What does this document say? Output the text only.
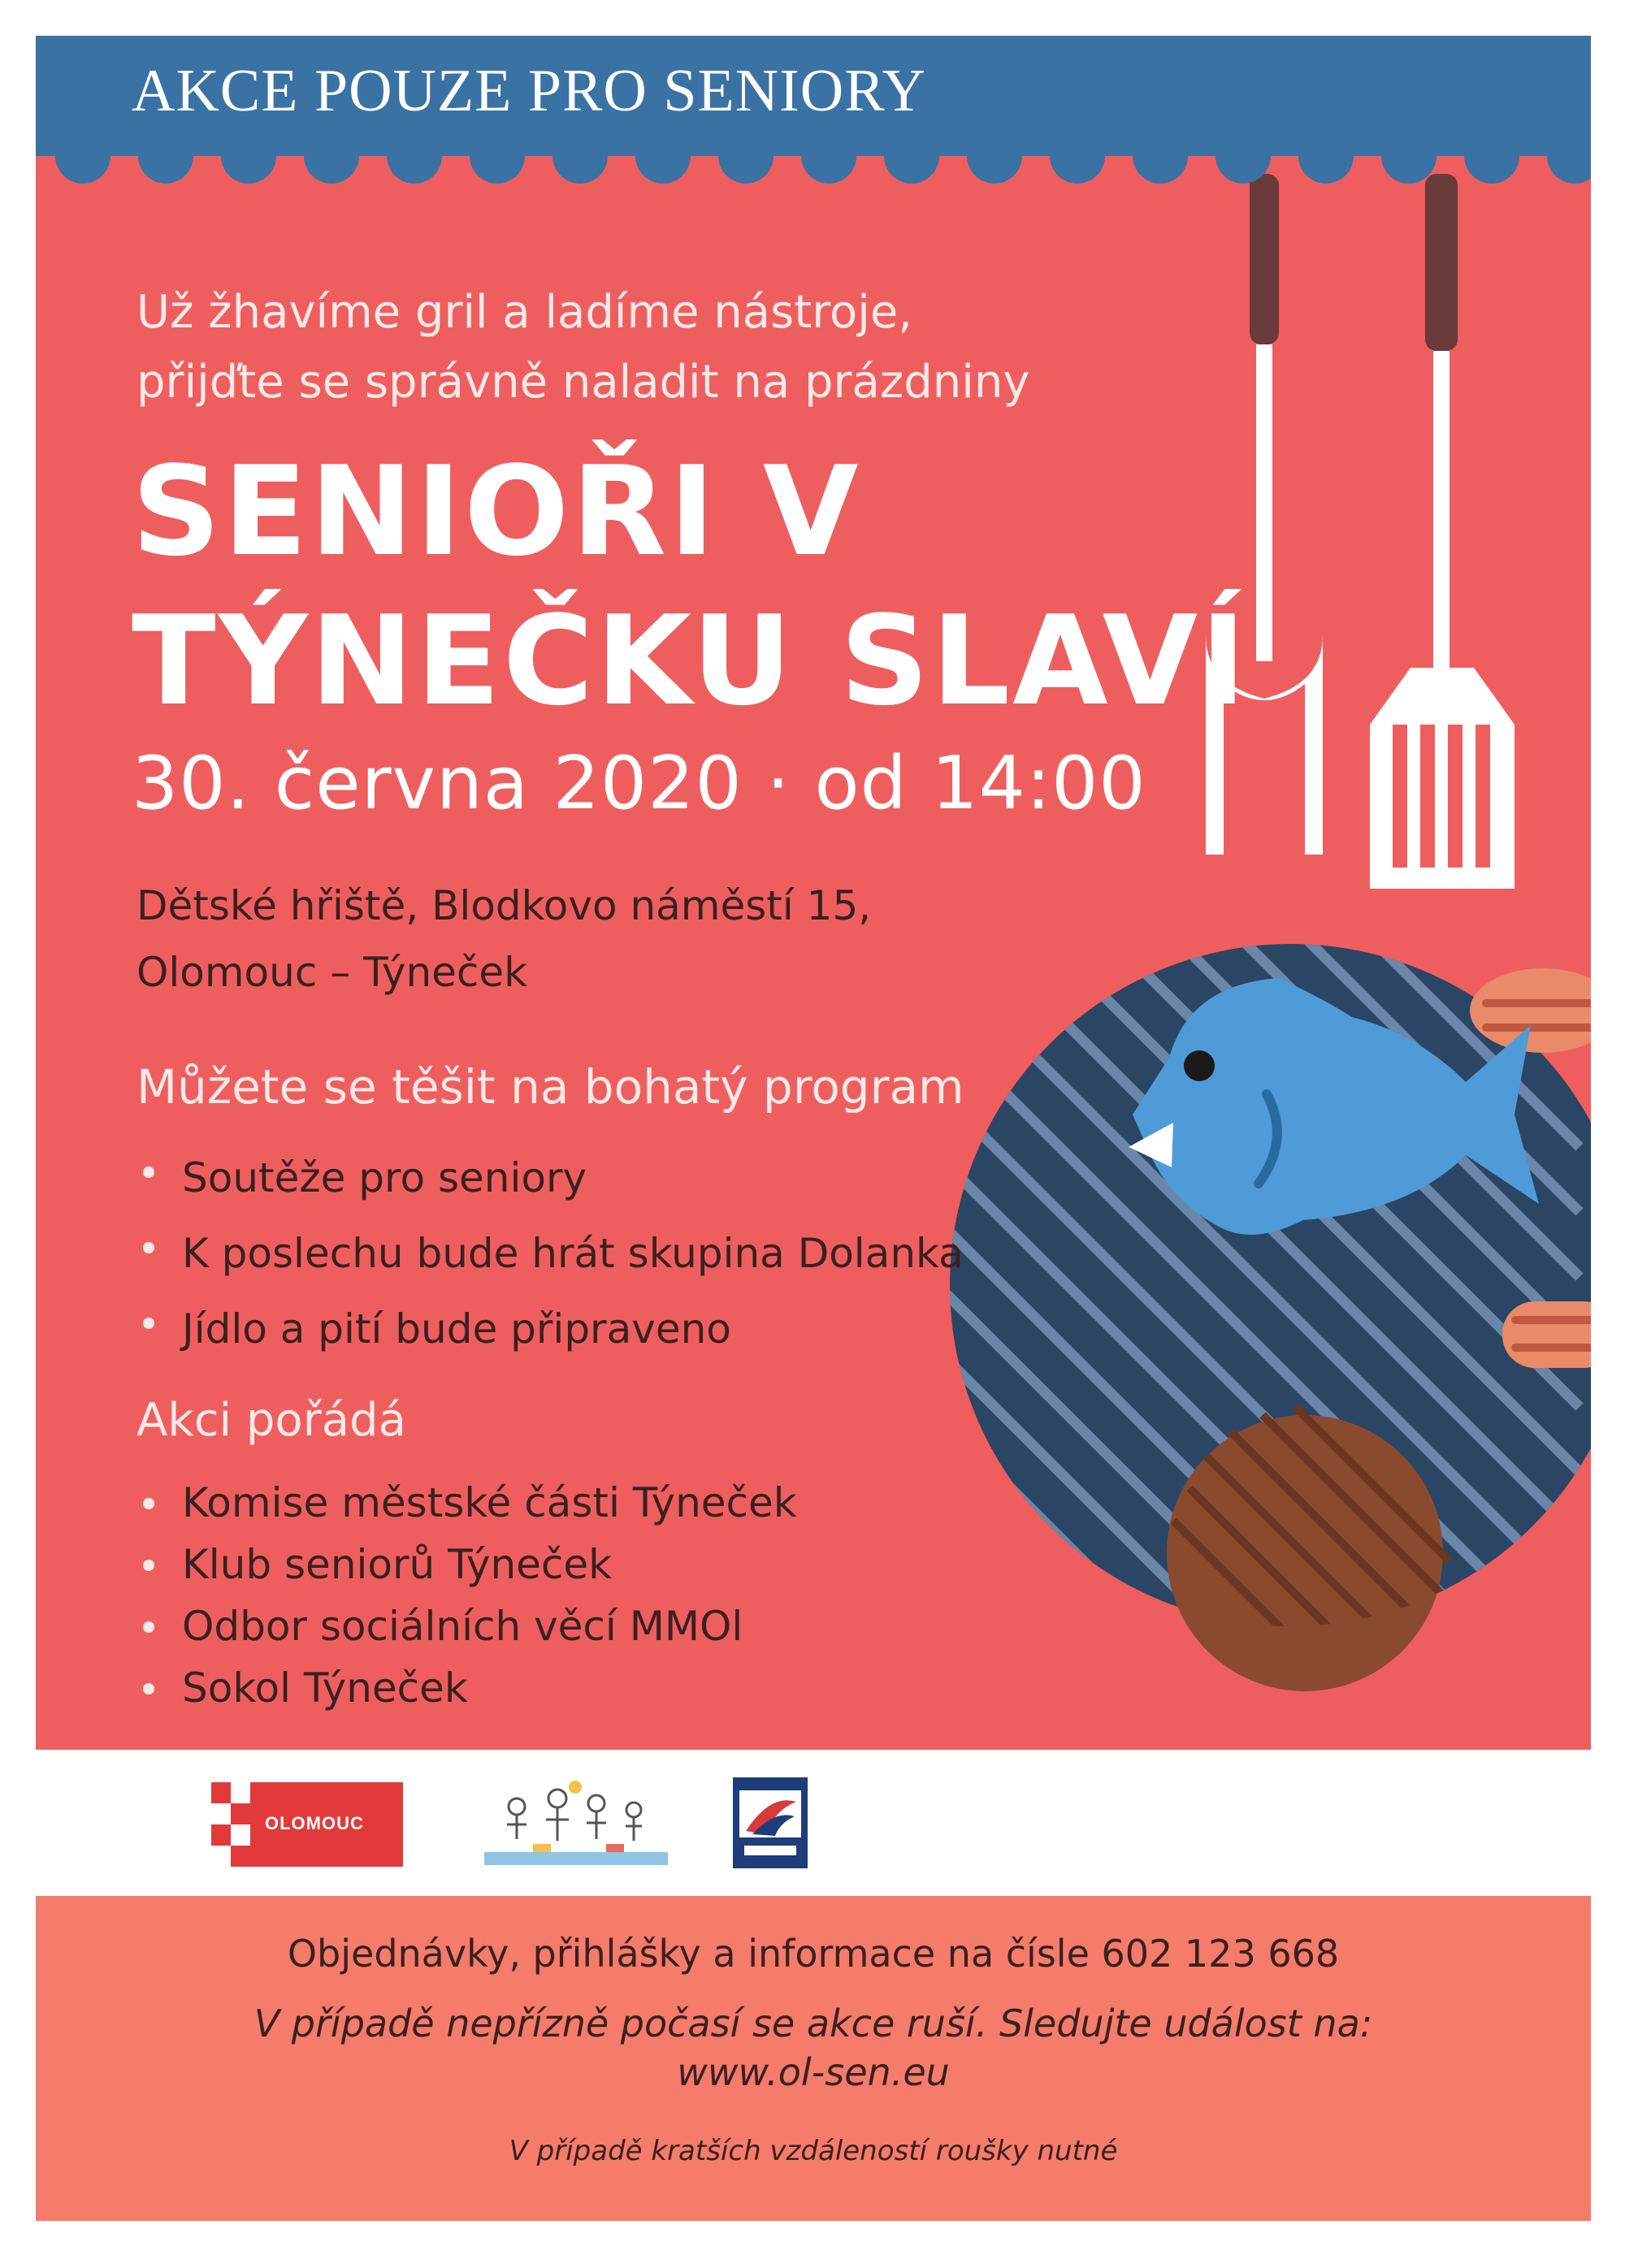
AKCE POUZE PRO SENIORY

Už žhavíme gril a ladíme nástroje,
přijďte se správně naladit na prázdniny

SENIOŘI V
TÝNEČKU SLAVÍ

30. června 2020 · od 14:00

Dětské hřiště, Blodkovo náměstí 15,
Olomouc – Týneček

Můžete se těšit na bohatý program

Soutěže pro seniory
K poslechu bude hrát skupina Dolanka
Jídlo a pití bude připraveno

Akci pořádá

Komise městské části Týneček
Klub seniorů Týneček
Odbor sociálních věcí MMOl
Sokol Týneček
OLOMOUC

Objednávky, přihlášky a informace na čísle 602 123 668

V případě nepřízně počasí se akce ruší. Sledujte událost na:

www.ol-sen.eu

V případě kratších vzdáleností roušky nutné
